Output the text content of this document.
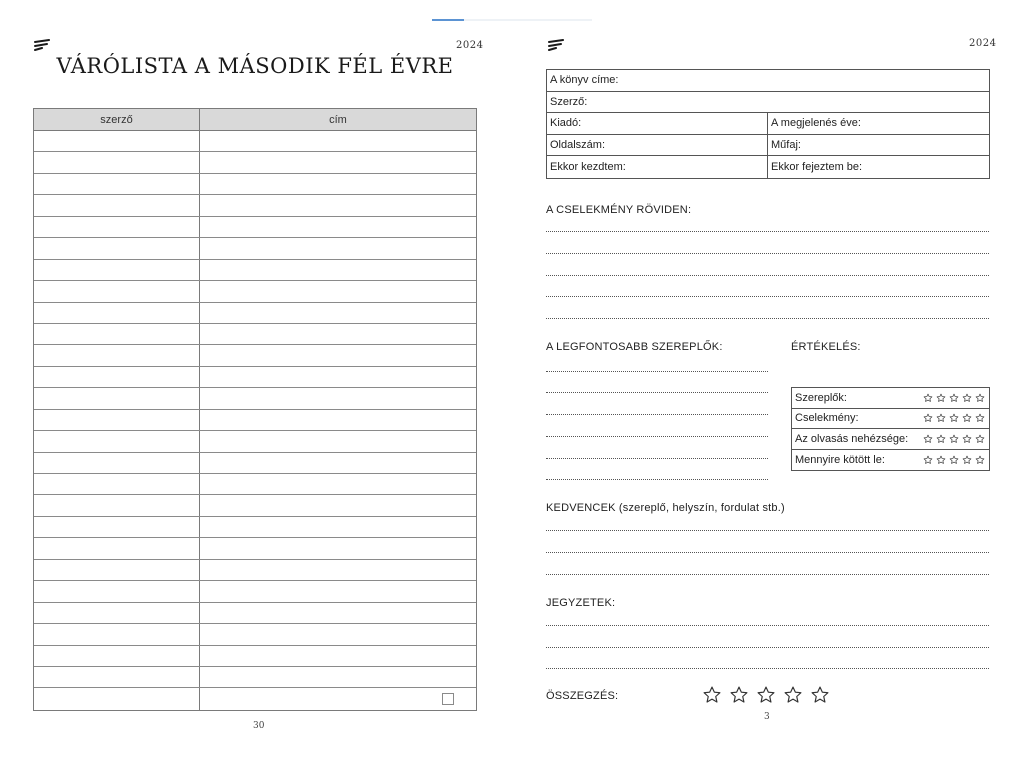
2024
VÁRÓLISTA A MÁSODIK FÉL ÉVRE
szerző	cím
30
2024
3
A könyv címe:
Szerző:
Kiadó:	A megjelenés éve:
Oldalszám:	Műfaj:
Ekkor kezdtem:	Ekkor fejeztem be:
A CSELEKMÉNY RÖVIDEN:
A LEGFONTOSABB SZEREPLŐK:	ÉRTÉKELÉS:
Szereplők:
Cselekmény:
Az olvasás nehézsége:
Mennyire kötött le:
KEDVENCEK (szereplő, helyszín, fordulat stb.)
JEGYZETEK:
ÖSSZEGZÉS:
